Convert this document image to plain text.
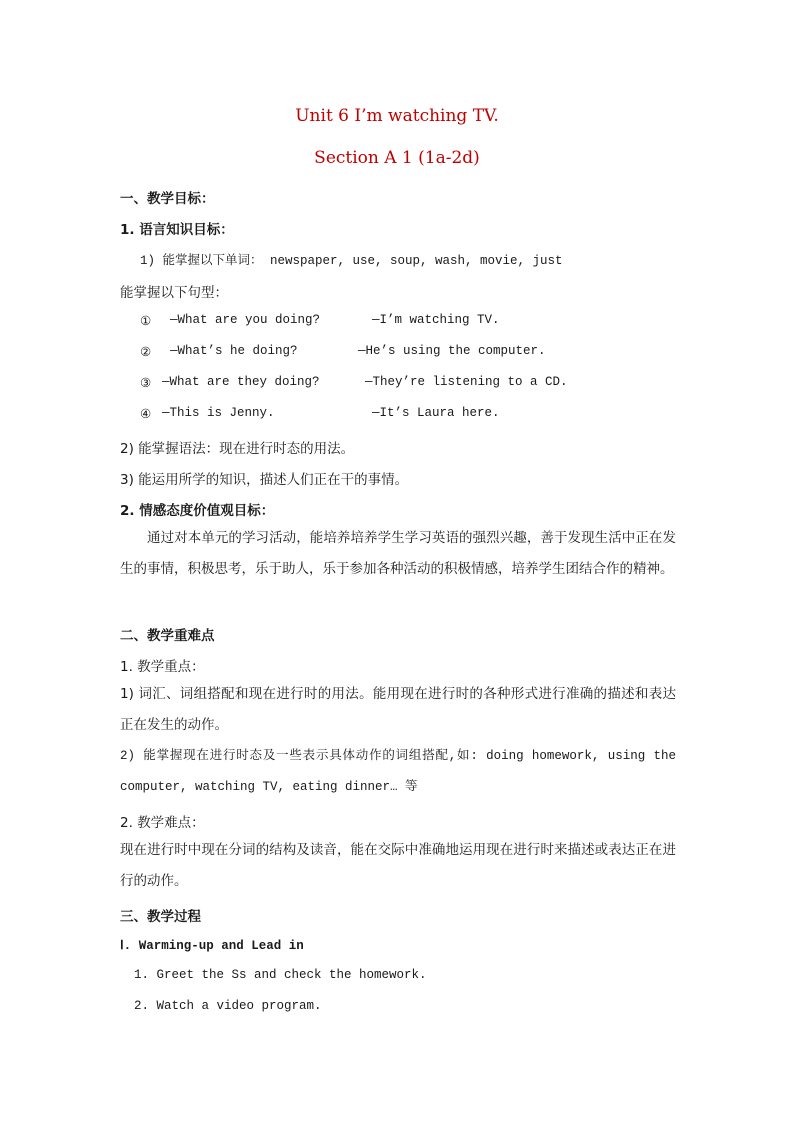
Unit 6 I’m watching TV.
Section A 1 (1a-2d)
一、教学目标：
1. 语言知识目标：
1) 能掌握以下单词： newspaper, use, soup, wash, movie, just
能掌握以下句型：
① —What are you doing?	—I’m watching TV.
② —What’s he doing?	—He’s using the computer.
③ —What are they doing?	—They’re listening to a CD.
④ —This is Jenny.	—It’s Laura here.
2) 能掌握语法：现在进行时态的用法。
3) 能运用所学的知识，描述人们正在干的事情。
2. 情感态度价值观目标：
通过对本单元的学习活动，能培养培养学生学习英语的强烈兴趣，善于发现生活中正在发生的事情，积极思考，乐于助人，乐于参加各种活动的积极情感，培养学生团结合作的精神。
二、教学重难点
1. 教学重点：
1) 词汇、词组搭配和现在进行时的用法。能用现在进行时的各种形式进行准确的描述和表达正在发生的动作。
2) 能掌握现在进行时态及一些表示具体动作的词组搭配,如: doing homework, using the computer, watching TV, eating dinner… 等
2. 教学难点：
现在进行时中现在分词的结构及读音，能在交际中准确地运用现在进行时来描述或表达正在进行的动作。
三、教学过程
Ⅰ. Warming-up and Lead in
1. Greet the Ss and check the homework.
2. Watch a video program.
